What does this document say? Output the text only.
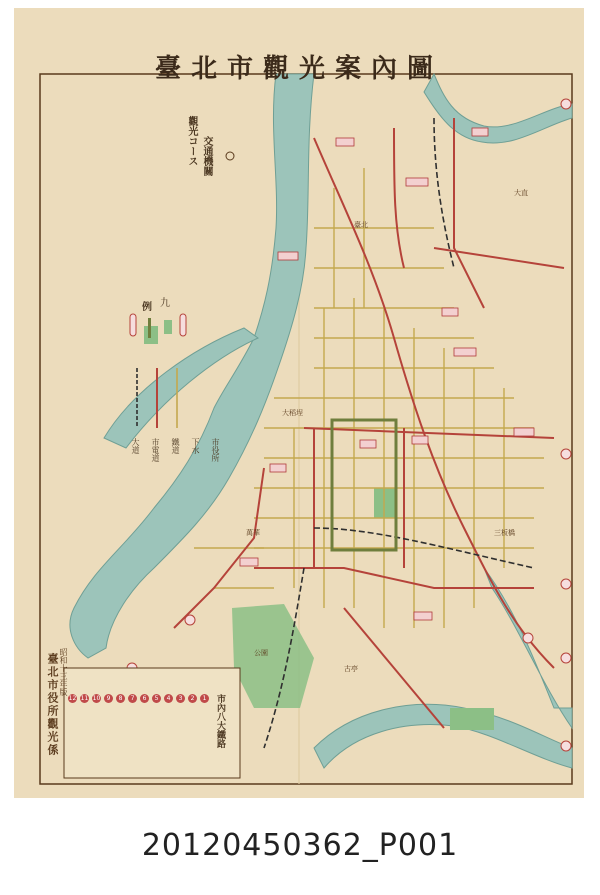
臺北市觀光案內圖
昭和十三年版
臺北市役所觀光係
交通機關
觀光コース
例 九
大道 市電道 鐵道 下水 市役所
市內八大鐵路
1
2
3
4
5
6
7
8
9
10
11
12
臺北
大稻埕
萬華
古亭
大直
三板橋
公園
20120450362_P001
